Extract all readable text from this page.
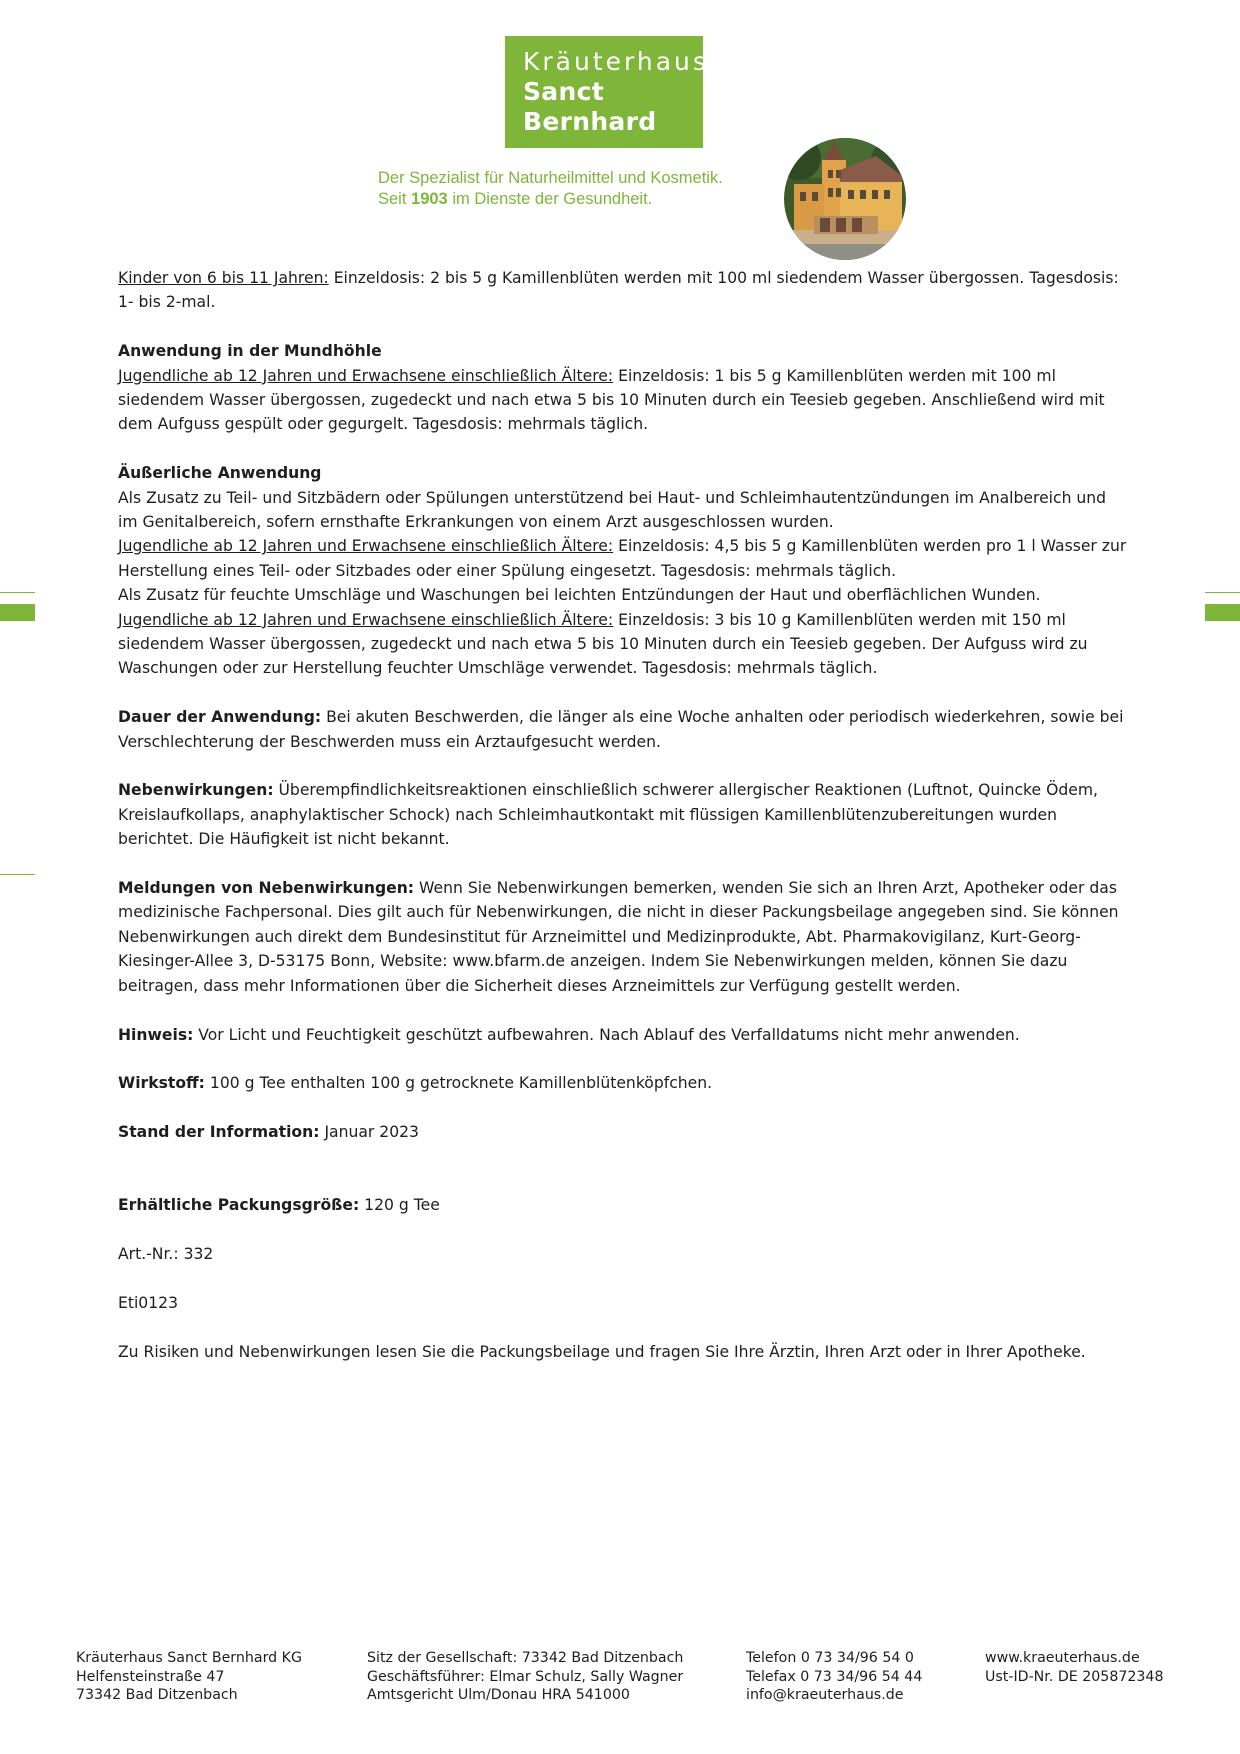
Kräuterhaus
Sanct Bernhard
Der Spezialist für Naturheilmittel und Kosmetik.
Seit 1903 im Dienste der Gesundheit.

Kinder von 6 bis 11 Jahren: Einzeldosis: 2 bis 5 g Kamillenblüten werden mit 100 ml siedendem Wasser übergossen. Tagesdosis: 1- bis 2-mal.

Anwendung in der Mundhöhle

Jugendliche ab 12 Jahren und Erwachsene einschließlich Ältere: Einzeldosis: 1 bis 5 g Kamillenblüten werden mit 100 ml siedendem Wasser übergossen, zugedeckt und nach etwa 5 bis 10 Minuten durch ein Teesieb gegeben. Anschließend wird mit dem Aufguss gespült oder gegurgelt. Tagesdosis: mehrmals täglich.

Äußerliche Anwendung

Als Zusatz zu Teil- und Sitzbädern oder Spülungen unterstützend bei Haut- und Schleimhautentzündungen im Analbereich und im Genitalbereich, sofern ernsthafte Erkrankungen von einem Arzt ausgeschlossen wurden.

Jugendliche ab 12 Jahren und Erwachsene einschließlich Ältere: Einzeldosis: 4,5 bis 5 g Kamillenblüten werden pro 1 l Wasser zur Herstellung eines Teil- oder Sitzbades oder einer Spülung eingesetzt. Tagesdosis: mehrmals täglich.

Als Zusatz für feuchte Umschläge und Waschungen bei leichten Entzündungen der Haut und oberflächlichen Wunden.

Jugendliche ab 12 Jahren und Erwachsene einschließlich Ältere: Einzeldosis: 3 bis 10 g Kamillenblüten werden mit 150 ml siedendem Wasser übergossen, zugedeckt und nach etwa 5 bis 10 Minuten durch ein Teesieb gegeben. Der Aufguss wird zu Waschungen oder zur Herstellung feuchter Umschläge verwendet. Tagesdosis: mehrmals täglich.

Dauer der Anwendung: Bei akuten Beschwerden, die länger als eine Woche anhalten oder periodisch wiederkehren, sowie bei Verschlechterung der Beschwerden muss ein Arztaufgesucht werden.

Nebenwirkungen: Überempfindlichkeitsreaktionen einschließlich schwerer allergischer Reaktionen (Luftnot, Quincke Ödem, Kreislaufkollaps, anaphylaktischer Schock) nach Schleimhautkontakt mit flüssigen Kamillenblütenzubereitungen wurden berichtet. Die Häufigkeit ist nicht bekannt.

Meldungen von Nebenwirkungen: Wenn Sie Nebenwirkungen bemerken, wenden Sie sich an Ihren Arzt, Apotheker oder das medizinische Fachpersonal. Dies gilt auch für Nebenwirkungen, die nicht in dieser Packungsbeilage angegeben sind. Sie können Nebenwirkungen auch direkt dem Bundesinstitut für Arzneimittel und Medizinprodukte, Abt. Pharmakovigilanz, Kurt-Georg-Kiesinger-Allee 3, D-53175 Bonn, Website: www.bfarm.de anzeigen. Indem Sie Nebenwirkungen melden, können Sie dazu beitragen, dass mehr Informationen über die Sicherheit dieses Arzneimittels zur Verfügung gestellt werden.

Hinweis: Vor Licht und Feuchtigkeit geschützt aufbewahren. Nach Ablauf des Verfalldatums nicht mehr anwenden.

Wirkstoff: 100 g Tee enthalten 100 g getrocknete Kamillenblütenköpfchen.

Stand der Information: Januar 2023

Erhältliche Packungsgröße: 120 g Tee

Art.-Nr.: 332

Eti0123

Zu Risiken und Nebenwirkungen lesen Sie die Packungsbeilage und fragen Sie Ihre Ärztin, Ihren Arzt oder in Ihrer Apotheke.

Kräuterhaus Sanct Bernhard KG
Helfensteinstraße 47
73342 Bad Ditzenbach
Sitz der Gesellschaft: 73342 Bad Ditzenbach
Geschäftsführer: Elmar Schulz, Sally Wagner
Amtsgericht Ulm/Donau HRA 541000
Telefon 0 73 34/96 54 0
Telefax 0 73 34/96 54 44
info@kraeuterhaus.de
www.kraeuterhaus.de
Ust-ID-Nr. DE 205872348
